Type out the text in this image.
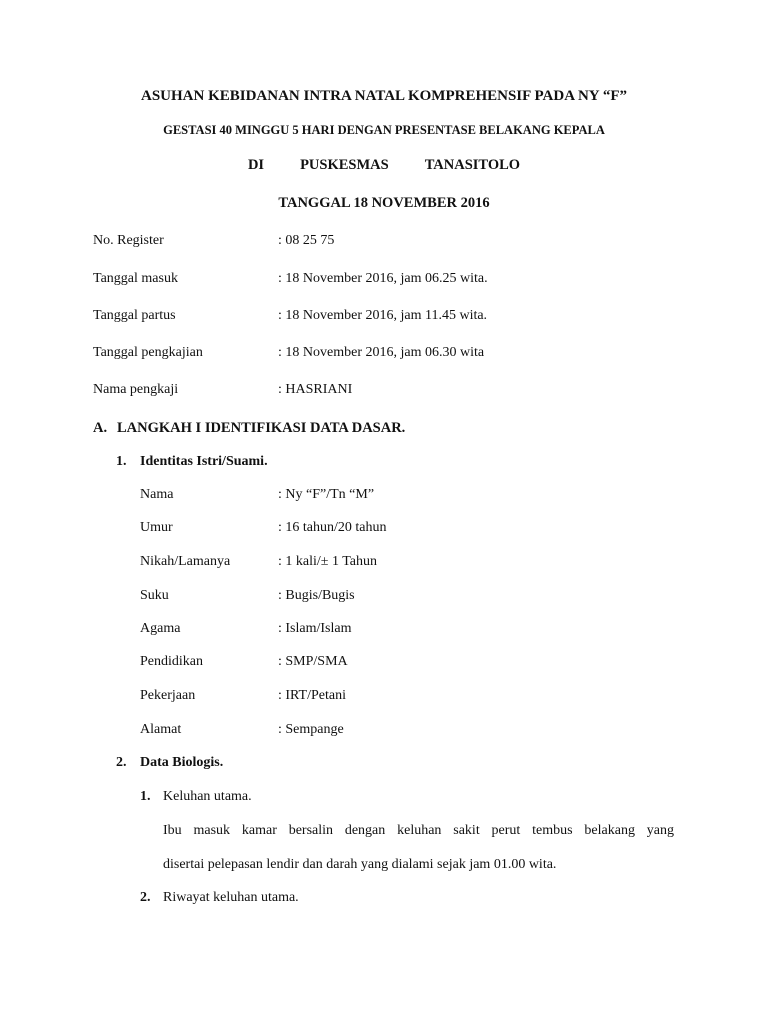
ASUHAN KEBIDANAN INTRA NATAL KOMPREHENSIF PADA NY “F”
GESTASI 40 MINGGU 5 HARI DENGAN PRESENTASE BELAKANG KEPALA
DI PUSKESMAS TANASITOLO
TANGGAL 18 NOVEMBER 2016
No. Register	: 08 25 75
Tanggal masuk	: 18 November 2016, jam 06.25 wita.
Tanggal partus	: 18 November 2016, jam 11.45 wita.
Tanggal pengkajian	: 18 November 2016, jam 06.30 wita
Nama pengkaji	: HASRIANI
A. LANGKAH I IDENTIFIKASI DATA DASAR.
1. Identitas Istri/Suami.
Nama	: Ny “F”/Tn “M”
Umur	: 16 tahun/20 tahun
Nikah/Lamanya	: 1 kali/± 1 Tahun
Suku	: Bugis/Bugis
Agama	: Islam/Islam
Pendidikan	: SMP/SMA
Pekerjaan	: IRT/Petani
Alamat	: Sempange
2. Data Biologis.
1. Keluhan utama.
Ibu masuk kamar bersalin dengan keluhan sakit perut tembus belakang yang
disertai pelepasan lendir dan darah yang dialami sejak jam 01.00 wita.
2. Riwayat keluhan utama.
